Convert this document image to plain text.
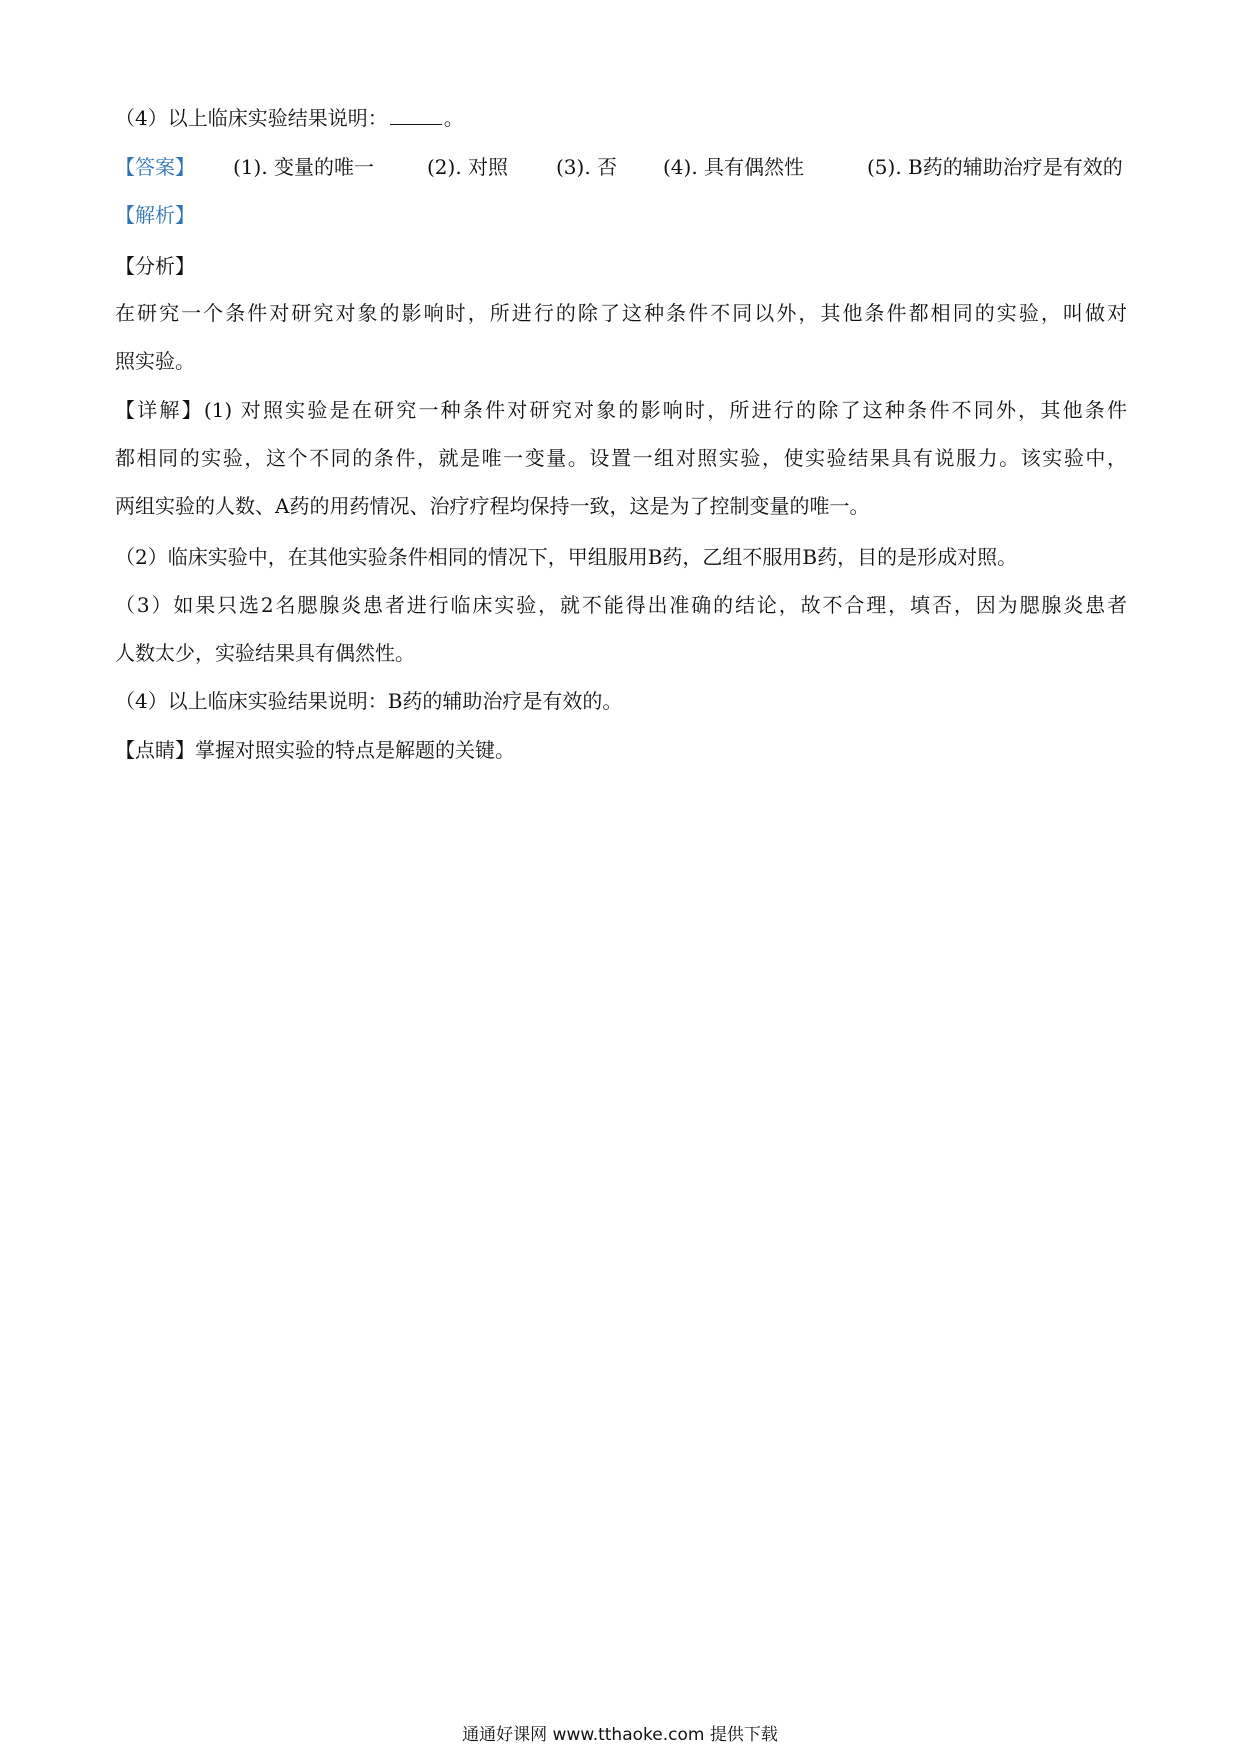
（4）以上临床实验结果说明：	。
【答案】 (1). 变量的唯一	(2). 对照 (3). 否 (4). 具有偶然性	(5). B药的辅助治疗是有效的
【解析】
【分析】
在研究一个条件对研究对象的影响时，所进行的除了这种条件不同以外，其他条件都相同的实验，叫做对
照实验。
【详解】(1) 对照实验是在研究一种条件对研究对象的影响时，所进行的除了这种条件不同外，其他条件
都相同的实验，这个不同的条件，就是唯一变量。设置一组对照实验，使实验结果具有说服力。该实验中，
两组实验的人数、A药的用药情况、治疗疗程均保持一致，这是为了控制变量的唯一。
（2）临床实验中，在其他实验条件相同的情况下，甲组服用B药，乙组不服用B药，目的是形成对照。
（3）如果只选2名腮腺炎患者进行临床实验，就不能得出准确的结论，故不合理，填否，因为腮腺炎患者
人数太少，实验结果具有偶然性。
（4）以上临床实验结果说明：B药的辅助治疗是有效的。
【点睛】掌握对照实验的特点是解题的关键。
通通好课网 www.tthaoke.com 提供下载
